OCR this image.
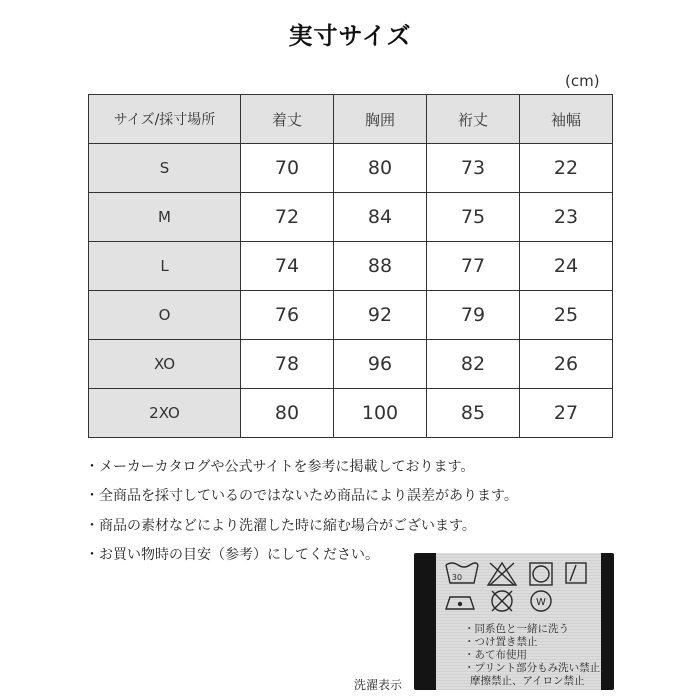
実寸サイズ
(cm)
サイズ/採寸場所	着丈	胸囲	裄丈	袖幅
S	70	80	73	22
M	72	84	75	23
L	74	88	77	24
O	76	92	79	25
XO	78	96	82	26
2XO	80	100	85	27
・メーカーカタログや公式サイトを参考に掲載しております。
・全商品を採寸しているのではないため商品により誤差があります。
・商品の素材などにより洗濯した時に縮む場合がございます。
・お買い物時の目安（参考）にしてください。
30
W
・同系色と一緒に洗う
・つけ置き禁止
・あて布使用
・プリント部分もみ洗い禁止、
摩擦禁止、アイロン禁止
洗濯表示
